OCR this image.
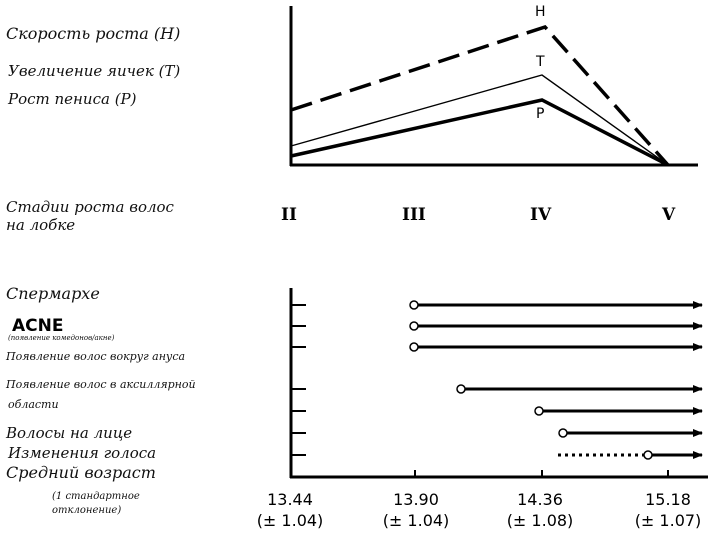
Скорость роста (H)
Увеличение яичек (T)
Рост пениса (P)
H
T
P
Стадии роста волос
на лобке	II	III	IV	V
Спермархе
ACNE
(появление комедонов/акне)
Появление волос вокруг ануса
Появление волос в аксиллярной
области
Волосы на лице
Изменения голоса
Средний возраст
(1 стандартное
отклонение)
13.44
(± 1.04)
13.90
(± 1.04)
14.36
(± 1.08)
15.18
(± 1.07)
